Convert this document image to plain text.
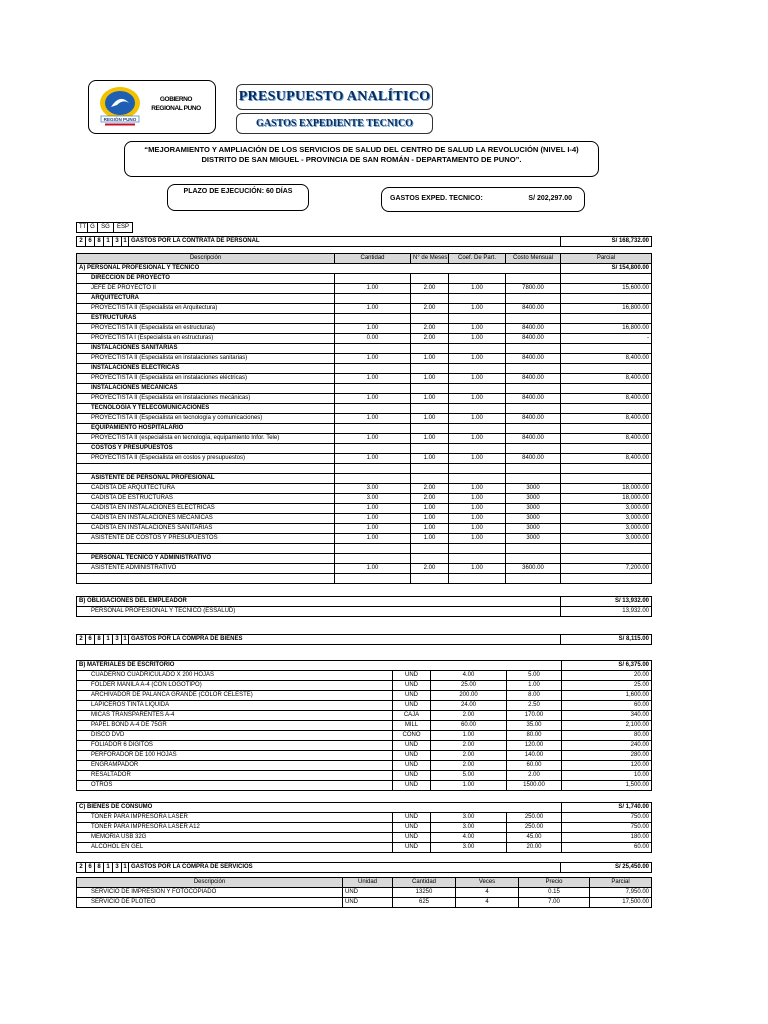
REGIÓN PUNO
GOBIERNO
REGIONAL PUNO
PRESUPUESTO ANALÍTICO
GASTOS EXPEDIENTE TECNICO
“MEJORAMIENTO Y AMPLIACIÓN DE LOS SERVICIOS DE SALUD DEL CENTRO DE SALUD LA REVOLUCIÓN (NIVEL I-4)
DISTRITO DE SAN MIGUEL - PROVINCIA DE SAN ROMÁN - DEPARTAMENTO DE PUNO”.
PLAZO DE EJECUCIÓN: 60 DÍAS
GASTOS EXPED. TECNICO:	S/ 202,297.00
TT	G	SG	ESP
2	6	8	1	3	1	GASTOS POR LA CONTRATA DE PERSONAL	S/ 168,732.00
Descripción	Cantidad	N° de Meses	Coef. De Part.	Costo Mensual	Parcial
A) PERSONAL PROFESIONAL Y TÉCNICO					S/ 154,800.00
DIRECCIÓN DE PROYECTO					
JEFE DE PROYECTO II	1.00	2.00	1.00	7800.00	15,600.00
ARQUITECTURA					
PROYECTISTA II (Especialista en Arquitectura)	1.00	2.00	1.00	8400.00	16,800.00
ESTRUCTURAS					
PROYECTISTA II (Especialista en estructuras)	1.00	2.00	1.00	8400.00	16,800.00
PROYECTISTA I (Especialista en estructuras)	0.00	2.00	1.00	8400.00	-
INSTALACIONES SANITARIAS					
PROYECTISTA II (Especialista en instalaciones sanitarias)	1.00	1.00	1.00	8400.00	8,400.00
INSTALACIONES ELÉCTRICAS					
PROYECTISTA II (Especialista en instalaciones eléctricas)	1.00	1.00	1.00	8400.00	8,400.00
INSTALACIONES MECÁNICAS					
PROYECTISTA II (Especialista en instalaciones mecánicas)	1.00	1.00	1.00	8400.00	8,400.00
TECNOLOGÍA Y TELECOMUNICACIONES					
PROYECTISTA II (Especialista en tecnología y comunicaciones)	1.00	1.00	1.00	8400.00	8,400.00
EQUIPAMIENTO HOSPITALARIO					
PROYECTISTA II (especialista en tecnología, equipamiento Infor. Tele)	1.00	1.00	1.00	8400.00	8,400.00
COSTOS Y PRESUPUESTOS					
PROYECTISTA II (Especialista en costos y presupuestos)	1.00	1.00	1.00	8400.00	8,400.00

ASISTENTE DE PERSONAL PROFESIONAL					
CADISTA DE ARQUITECTURA	3.00	2.00	1.00	3000	18,000.00
CADISTA DE ESTRUCTURAS	3.00	2.00	1.00	3000	18,000.00
CADISTA EN INSTALACIONES ELECTRICAS	1.00	1.00	1.00	3000	3,000.00
CADISTA EN INSTALACIONES MECANICAS	1.00	1.00	1.00	3000	3,000.00
CADISTA EN INSTALACIONES SANITARIAS	1.00	1.00	1.00	3000	3,000.00
ASISTENTE DE COSTOS Y PRESUPUESTOS	1.00	1.00	1.00	3000	3,000.00

PERSONAL TECNICO Y ADMINISTRATIVO					
ASISTENTE ADMINISTRATIVO	1.00	2.00	1.00	3600.00	7,200.00

B) OBLIGACIONES DEL EMPLEADOR	S/ 13,932.00
PERSONAL PROFESIONAL Y TECNICO (ESSALUD)	13,932.00
2	6	8	1	3	1	GASTOS POR LA COMPRA DE BIENES	S/ 8,115.00
B) MATERIALES DE ESCRITORIO				S/ 6,375.00
CUADERNO CUADRICULADO X 200 HOJAS	UND	4.00	5.00	20.00
FOLDER MANILA A-4 (CON LOGOTIPO)	UND	25.00	1.00	25.00
ARCHIVADOR DE PALANCA GRANDE (COLOR CELESTE)	UND	200.00	8.00	1,600.00
LAPICEROS TINTA LIQUIDA	UND	24.00	2.50	60.00
MICAS TRANSPARENTES A-4	CAJA	2.00	170.00	340.00
PAPEL BOND A-4 DE 75GR	MILL	60.00	35.00	2,100.00
DISCO DVD	CONO	1.00	80.00	80.00
FOLIADOR 6 DIGITOS	UND	2.00	120.00	240.00
PERFORADOR DE 100 HOJAS	UND	2.00	140.00	280.00
ENGRAMPADOR	UND	2.00	60.00	120.00
RESALTADOR	UND	5.00	2.00	10.00
OTROS	UND	1.00	1500.00	1,500.00
C) BIENES DE CONSUMO				S/ 1,740.00
TONER PARA IMPRESORA LASER	UND	3.00	250.00	750.00
TONER PARA IMPRESORA LASER A12	UND	3.00	250.00	750.00
MEMORIA USB 32G	UND	4.00	45.00	180.00
ALCOHOL EN GEL	UND	3.00	20.00	60.00
2	6	8	1	3	1	GASTOS POR LA COMPRA DE SERVICIOS	S/ 25,450.00
Descripción	Unidad	Cantidad	Veces	Precio	Parcial
SERVICIO DE IMPRESION Y FOTOCOPIADO	UND	13250	4	0.15	7,950.00
SERVICIO DE PLOTEO	UND	625	4	7.00	17,500.00
